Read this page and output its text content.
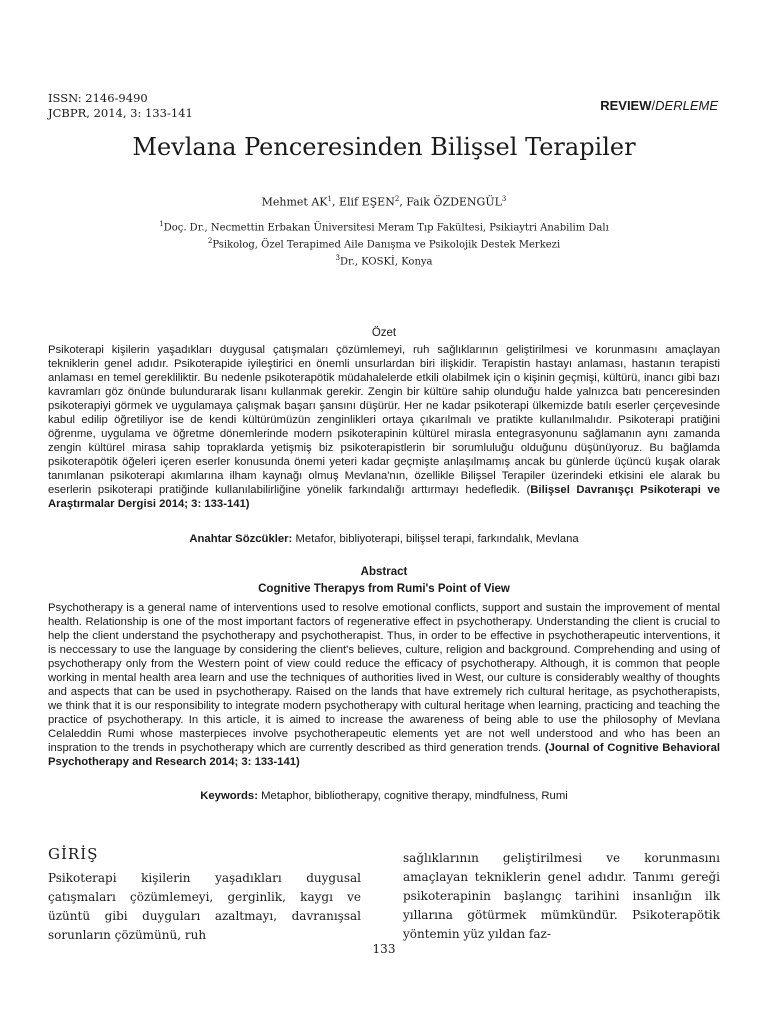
ISSN: 2146-9490
JCBPR, 2014, 3: 133-141	REVIEW/DERLEME
Mevlana Penceresinden Bilişsel Terapiler
Mehmet $AK^1$, Elif EŞEN$^2$, Faik ÖZDENGÜL$^3$
$^1$Doç. Dr., Necmettin Erbakan Üniversitesi Meram Tıp Fakültesi, Psikiaytri Anabilim Dalı
$^2$Psikolog, Özel Terapimed Aile Danışma ve Psikolojik Destek Merkezi
$^3$Dr., KOSKİ, Konya
Özet

Psikoterapi kişilerin yaşadıkları duygusal çatışmaları çözümlemeyi, ruh sağlıklarının geliştirilmesi ve korunmasını amaçlayan tekniklerin genel adıdır. Psikoterapide iyileştirici en önemli unsurlardan biri ilişkidir. Terapistin hastayı anlaması, hastanın terapisti anlaması en temel gerekliliktir. Bu nedenle psikoterapötik müdahalelerde etkili olabilmek için o kişinin geçmişi, kültürü, inancı gibi bazı kavramları göz önünde bulundurarak lisanı kullanmak gerekir. Zengin bir kültüre sahip olunduğu halde yalnızca batı penceresinden psikoterapiyi görmek ve uygulamaya çalışmak başarı şansını düşürür. Her ne kadar psikoterapi ülkemizde batılı eserler çerçevesinde kabul edilip öğretiliyor ise de kendi kültürümüzün zenginlikleri ortaya çıkarılmalı ve pratikte kullanılmalıdır. Psikoterapi pratiğini öğrenme, uygulama ve öğretme dönemlerinde modern psikoterapinin kültürel mirasla entegrasyonunu sağlamanın aynı zamanda zengin kültürel mirasa sahip topraklarda yetişmiş biz psikoterapistlerin bir sorumluluğu olduğunu düşünüyoruz. Bu bağlamda psikoterapötik öğeleri içeren eserler konusunda önemi yeteri kadar geçmişte anlaşılmamış ancak bu günlerde üçüncü kuşak olarak tanımlanan psikoterapi akımlarına ilham kaynağı olmuş Mevlana'nın, özellikle Bilişsel Terapiler üzerindeki etkisini ele alarak bu eserlerin psikoterapi pratiğinde kullanılabilirliğine yönelik farkındalığı arttırmayı hedefledik. (Bilişsel Davranışçı Psikoterapi ve Araştırmalar Dergisi 2014; 3: 133-141)

Anahtar Sözcükler: Metafor, bibliyoterapi, bilişsel terapi, farkındalık, Mevlana
Abstract
Cognitive Therapys from Rumi's Point of View

Psychotherapy is a general name of interventions used to resolve emotional conflicts, support and sustain the improvement of mental health. Relationship is one of the most important factors of regenerative effect in psychotherapy. Understanding the client is crucial to help the client understand the psychotherapy and psychotherapist. Thus, in order to be effective in psychotherapeutic interventions, it is neccessary to use the language by considering the client's believes, culture, religion and background. Comprehending and using of psychotherapy only from the Western point of view could reduce the efficacy of psychotherapy. Although, it is common that people working in mental health area learn and use the techniques of authorities lived in West, our culture is considerably wealthy of thoughts and aspects that can be used in psychotherapy. Raised on the lands that have extremely rich cultural heritage, as psychotherapists, we think that it is our responsibility to integrate modern psychotherapy with cultural heritage when learning, practicing and teaching the practice of psychotherapy. In this article, it is aimed to increase the awareness of being able to use the philosophy of Mevlana Celaleddin Rumi whose masterpieces involve psychotherapeutic elements yet are not well understood and who has been an inspration to the trends in psychotherapy which are currently described as third generation trends. (Journal of Cognitive Behavioral Psychotherapy and Research 2014; 3: 133-141)

Keywords: Metaphor, bibliotherapy, cognitive therapy, mindfulness, Rumi
GİRİŞ

Psikoterapi kişilerin yaşadıkları duygusal çatışmaları çözümlemeyi, gerginlik, kaygı ve üzüntü gibi duyguları azaltmayı, davranışsal sorunların çözümünü, ruh

sağlıklarının geliştirilmesi ve korunmasını amaçlayan tekniklerin genel adıdır. Tanımı gereği psikoterapinin başlangıç tarihini insanlığın ilk yıllarına götürmek mümkündür. Psikoterapötik yöntemin yüz yıldan faz-

133
